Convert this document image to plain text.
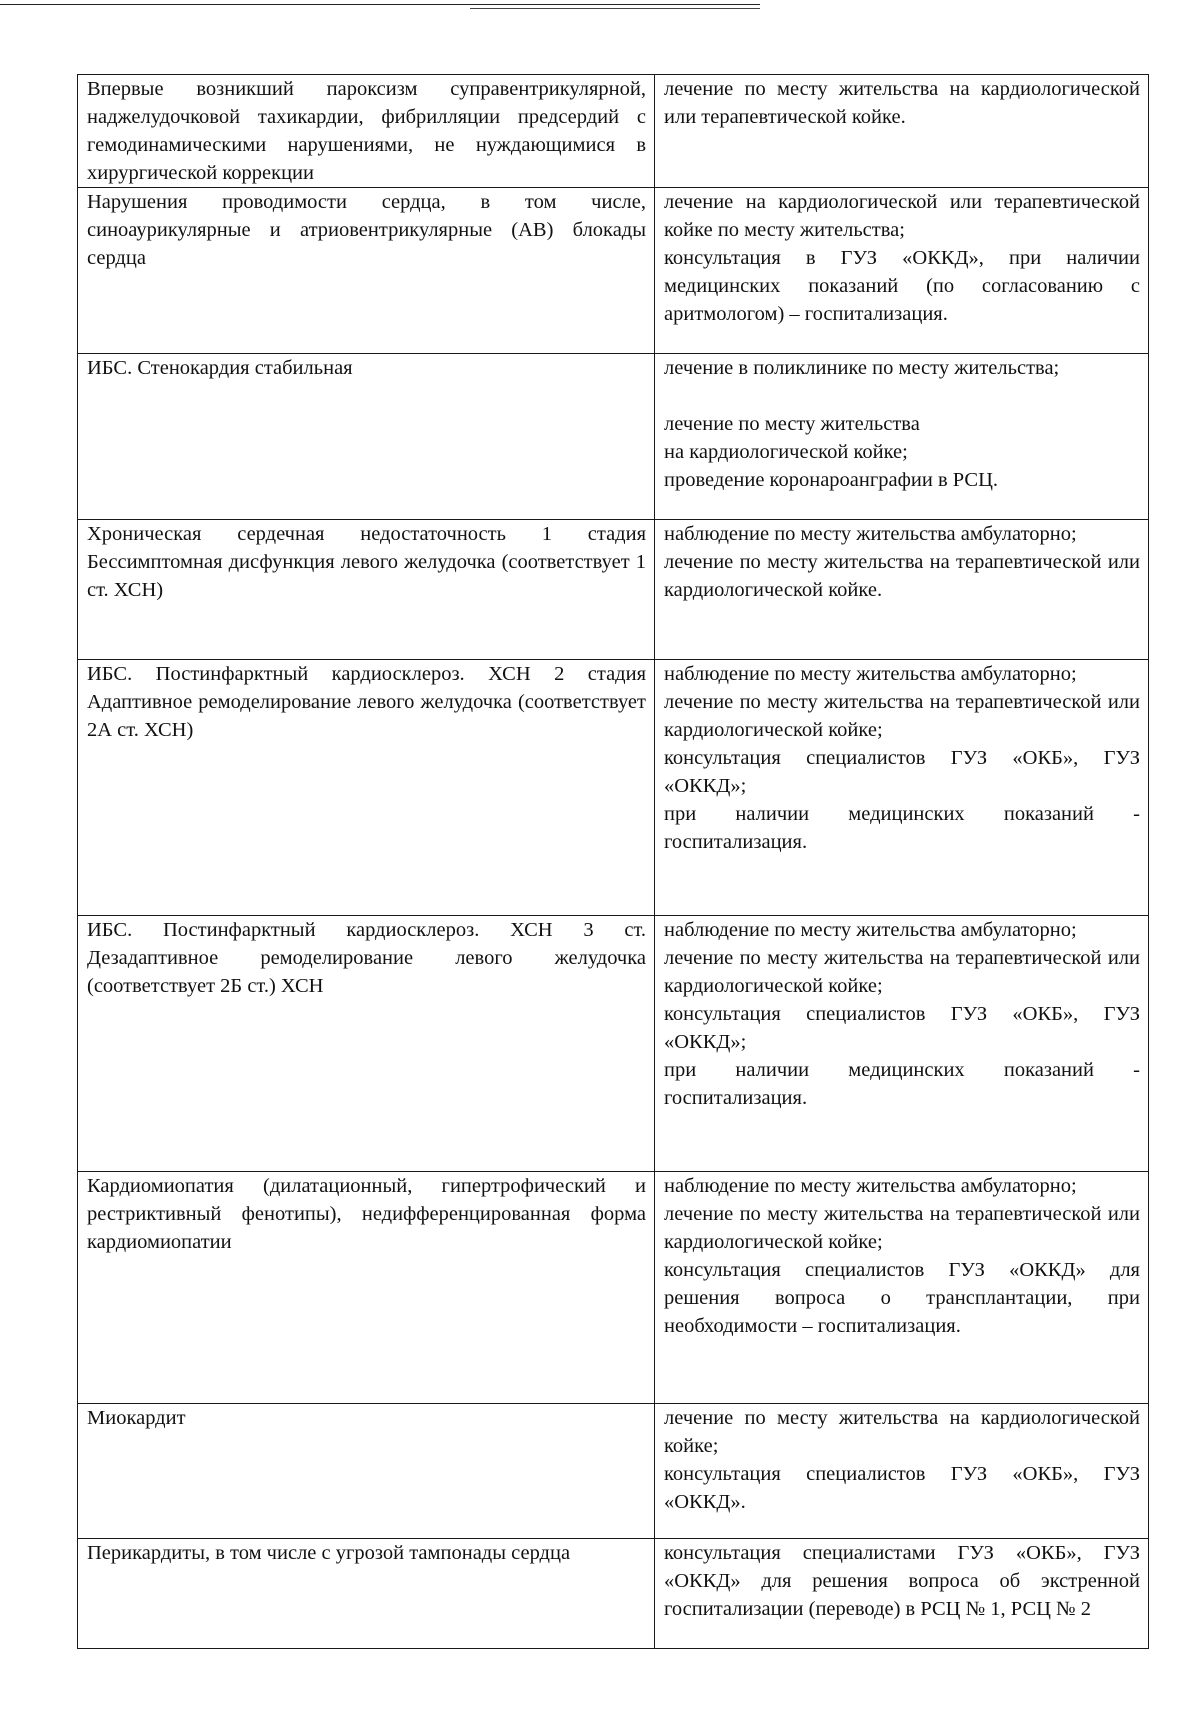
Впервые возникший пароксизм суправентрикулярной, наджелудочковой тахикардии, фибрилляции предсердий с гемодинамическими нарушениями, не нуждающимися в хирургической коррекции	лечение по месту жительства на кардиологической или терапевтической койке.

Нарушения проводимости сердца, в том числе, синоаурикулярные и атриовентрикулярные (АВ) блокады сердца	лечение на кардиологической или терапевтической койке по месту жительства;
консультация в ГУЗ «ОККД», при наличии медицинских показаний (по согласованию с аритмологом) – госпитализация.

ИБС. Стенокардия стабильная	лечение в поликлинике по месту жительства;
лечение по месту жительства
на кардиологической койке;
проведение коронароангрaфии в РСЦ.

Хроническая сердечная недостаточность 1 стадия Бессимптомная дисфункция левого желудочка (соответствует 1 ст. ХСН)	наблюдение по месту жительства амбулаторно;
лечение по месту жительства на терапевтической или кардиологической койке.

ИБС. Постинфарктный кардиосклероз. ХСН 2 стадия Адаптивное ремоделирование левого желудочка (соответствует 2А ст. ХСН)	наблюдение по месту жительства амбулаторно;
лечение по месту жительства на терапевтической или кардиологической койке;
консультация специалистов ГУЗ «ОКБ», ГУЗ «ОККД»;
при наличии медицинских показаний - госпитализация.

ИБС. Постинфарктный кардиосклероз. ХСН 3 ст. Дезадаптивное ремоделирование левого желудочка (соответствует 2Б ст.) ХСН	наблюдение по месту жительства амбулаторно;
лечение по месту жительства на терапевтической или кардиологической койке;
консультация специалистов ГУЗ «ОКБ», ГУЗ «ОККД»;
при наличии медицинских показаний - госпитализация.

Кардиомиопатия (дилатационный, гипертрофический и рестриктивный фенотипы), недифференцированная форма кардиомиопатии	наблюдение по месту жительства амбулаторно;
лечение по месту жительства на терапевтической или кардиологической койке;
консультация специалистов ГУЗ «ОККД» для решения вопроса о трансплантации, при необходимости – госпитализация.

Миокардит	лечение по месту жительства на кардиологической койке;
консультация специалистов ГУЗ «ОКБ», ГУЗ «ОККД».

Перикардиты, в том числе с угрозой тампонады сердца	консультация специалистами ГУЗ «ОКБ», ГУЗ «ОККД» для решения вопроса об экстренной госпитализации (переводе) в РСЦ № 1, РСЦ № 2
